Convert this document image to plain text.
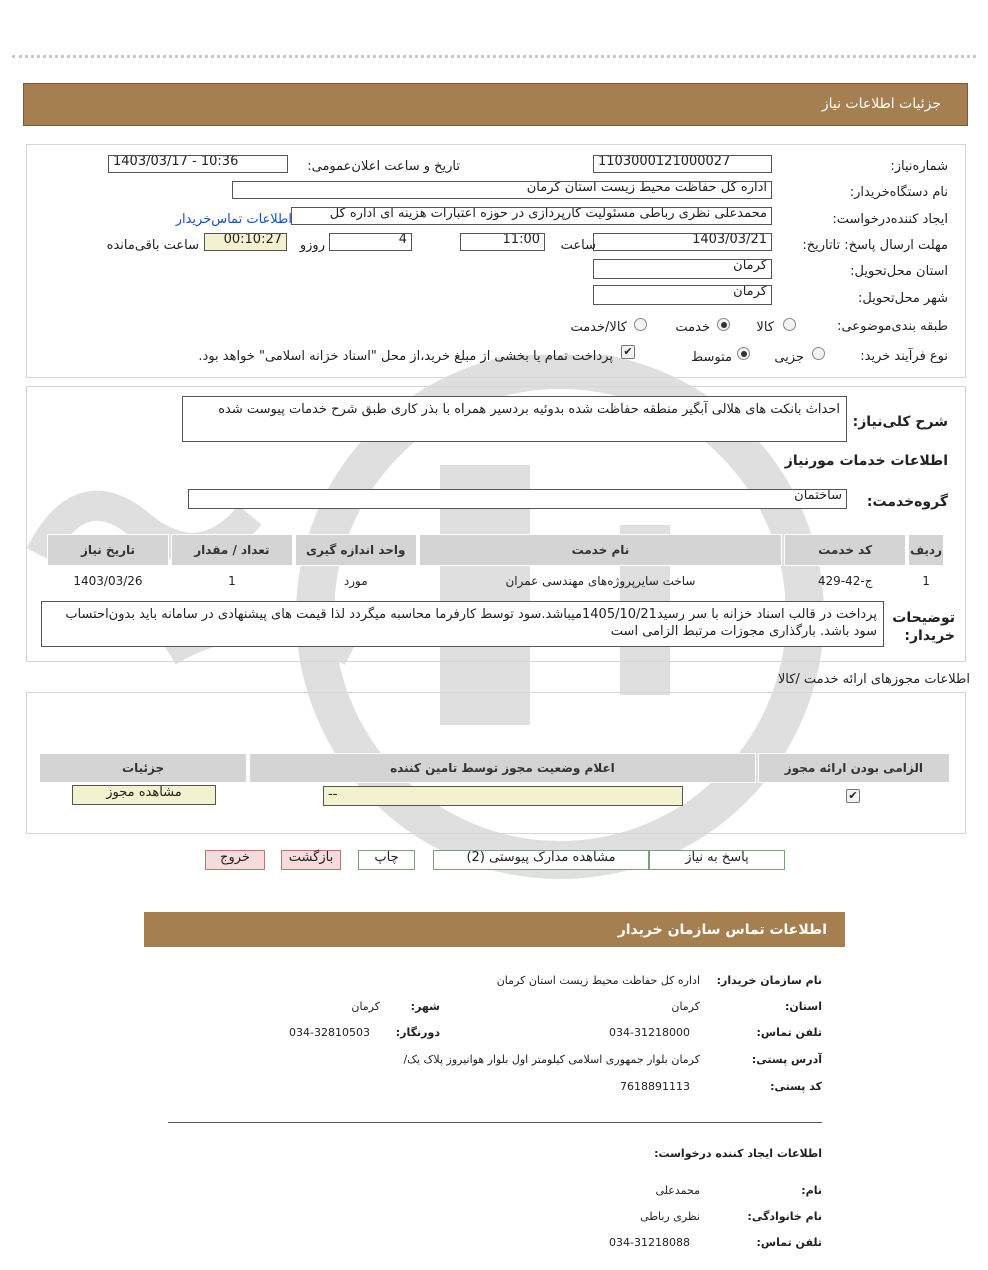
جزئیات اطلاعات نیاز
شماره‌نیاز:
1103000121000027
تاریخ و ساعت اعلان‌عمومی:
1403/03/17 - 10:36
نام دستگاه‌خریدار:
اداره کل حفاظت محیط زیست استان کرمان
ایجاد کننده‌درخواست:
محمدعلی نظری رباطی مسئولیت کارپردازی در حوزه اعتبارات هزینه ای اداره کل
اطلاعات تماس‌خریدار
مهلت ارسال پاسخ: تاتاریخ:
1403/03/21
ساعت
11:00
4
روزو
00:10:27
ساعت باقی‌مانده
استان محل‌تحویل:
کرمان
شهر محل‌تحویل:
کرمان
طبقه بندی‌موضوعی:
کالا
خدمت
کالا/خدمت
نوع فرآیند خرید:
جزیی
متوسط
✔
پرداخت تمام یا بخشی از مبلغ خرید،از محل "اسناد خزانه اسلامی" خواهد بود.
شرح کلی‌نیاز:
احداث بانکت های هلالی آبگیر منطقه حفاظت شده بدوئیه بردسیر همراه با بذر کاری طبق شرح خدمات پیوست شده
اطلاعات خدمات مورنیاز
گروه‌خدمت:
ساختمان
ردیف	کد خدمت	نام خدمت	واحد اندازه گیری	تعداد / مقدار	تاریخ نیاز
1	ج-42-429	ساخت سایرپروژه‌های مهندسی عمران	مورد	1	1403/03/26
توضیحات خریدار:
پرداخت در قالب اسناد خزانه با سر رسید1405/10/21میباشد.سود توسط کارفرما محاسبه میگردد لذا قیمت های پیشنهادی در سامانه باید بدون‌احتساب سود باشد. بارگذاری مجوزات مرتبط الزامی است
اطلاعات مجوزهای ارائه خدمت /کالا
الزامی بودن ارائه مجوز	اعلام وضعیت مجوز توسط تامین کننده	جزئیات

✔
--
مشاهده مجوز
پاسخ به نیاز
مشاهده مدارک پیوستی (2)
چاپ
بازگشت
خروج
اطلاعات تماس سازمان خریدار
نام سازمان خریدار:
اداره کل حفاظت محیط زیست استان کرمان
استان:
کرمان
شهر:
کرمان
تلفن تماس:
034-31218000
دورنگار:
034-32810503
آدرس پستی:
کرمان بلوار جمهوری اسلامی کیلومتر اول بلوار هوانیروز پلاک یک/
کد پستی:
7618891113
اطلاعات ایجاد کننده درخواست:
نام:
محمدعلی
نام خانوادگی:
نظری رباطی
تلفن تماس:
034-31218088
